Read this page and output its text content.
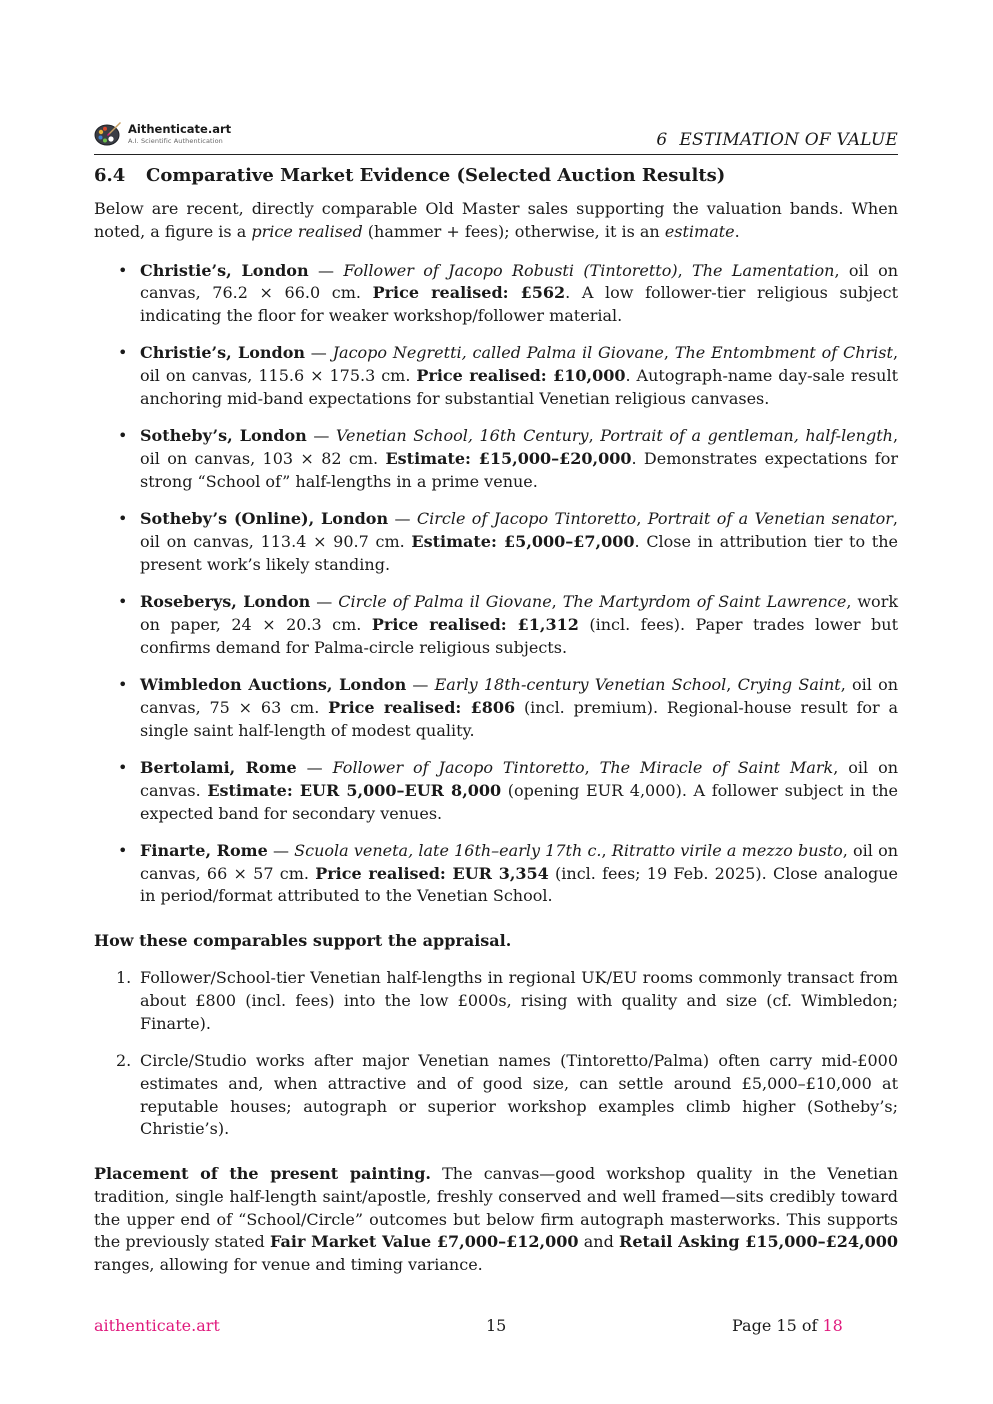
Aithenticate.art
A.I. Scientific Authentication	6 ESTIMATION OF VALUE
6.4 Comparative Market Evidence (Selected Auction Results)

Below are recent, directly comparable Old Master sales supporting the valuation bands. When noted, a figure is a price realised (hammer + fees); otherwise, it is an estimate.

• Christie’s, London — Follower of Jacopo Robusti (Tintoretto), The Lamentation, oil on canvas, 76.2 × 66.0 cm. Price realised: £562. A low follower-tier religious subject indicating the floor for weaker workshop/follower material.
• Christie’s, London — Jacopo Negretti, called Palma il Giovane, The Entombment of Christ, oil on canvas, 115.6 × 175.3 cm. Price realised: £10,000. Autograph-name day-sale result anchoring mid-band expectations for substantial Venetian religious canvases.
• Sotheby’s, London — Venetian School, 16th Century, Portrait of a gentleman, half-length, oil on canvas, 103 × 82 cm. Estimate: £15,000–£20,000. Demonstrates expectations for strong “School of” half-lengths in a prime venue.
• Sotheby’s (Online), London — Circle of Jacopo Tintoretto, Portrait of a Venetian senator, oil on canvas, 113.4 × 90.7 cm. Estimate: £5,000–£7,000. Close in attribution tier to the present work’s likely standing.
• Roseberys, London — Circle of Palma il Giovane, The Martyrdom of Saint Lawrence, work on paper, 24 × 20.3 cm. Price realised: £1,312 (incl. fees). Paper trades lower but confirms demand for Palma-circle religious subjects.
• Wimbledon Auctions, London — Early 18th-century Venetian School, Crying Saint, oil on canvas, 75 × 63 cm. Price realised: £806 (incl. premium). Regional-house result for a single saint half-length of modest quality.
• Bertolami, Rome — Follower of Jacopo Tintoretto, The Miracle of Saint Mark, oil on canvas. Estimate: EUR 5,000–EUR 8,000 (opening EUR 4,000). A follower subject in the expected band for secondary venues.
• Finarte, Rome — Scuola veneta, late 16th–early 17th c., Ritratto virile a mezzo busto, oil on canvas, 66 × 57 cm. Price realised: EUR 3,354 (incl. fees; 19 Feb. 2025). Close analogue in period/format attributed to the Venetian School.

How these comparables support the appraisal.

1. Follower/School-tier Venetian half-lengths in regional UK/EU rooms commonly transact from about £800 (incl. fees) into the low £000s, rising with quality and size (cf. Wimbledon; Finarte).
2. Circle/Studio works after major Venetian names (Tintoretto/Palma) often carry mid-£000 estimates and, when attractive and of good size, can settle around £5,000–£10,000 at reputable houses; autograph or superior workshop examples climb higher (Sotheby’s; Christie’s).

Placement of the present painting. The canvas—good workshop quality in the Venetian tradition, single half-length saint/apostle, freshly conserved and well framed—sits credibly toward the upper end of “School/Circle” outcomes but below firm autograph masterworks. This supports the previously stated Fair Market Value £7,000–£12,000 and Retail Asking £15,000–£24,000 ranges, allowing for venue and timing variance.

aithenticate.art	15	Page 15 of 18
